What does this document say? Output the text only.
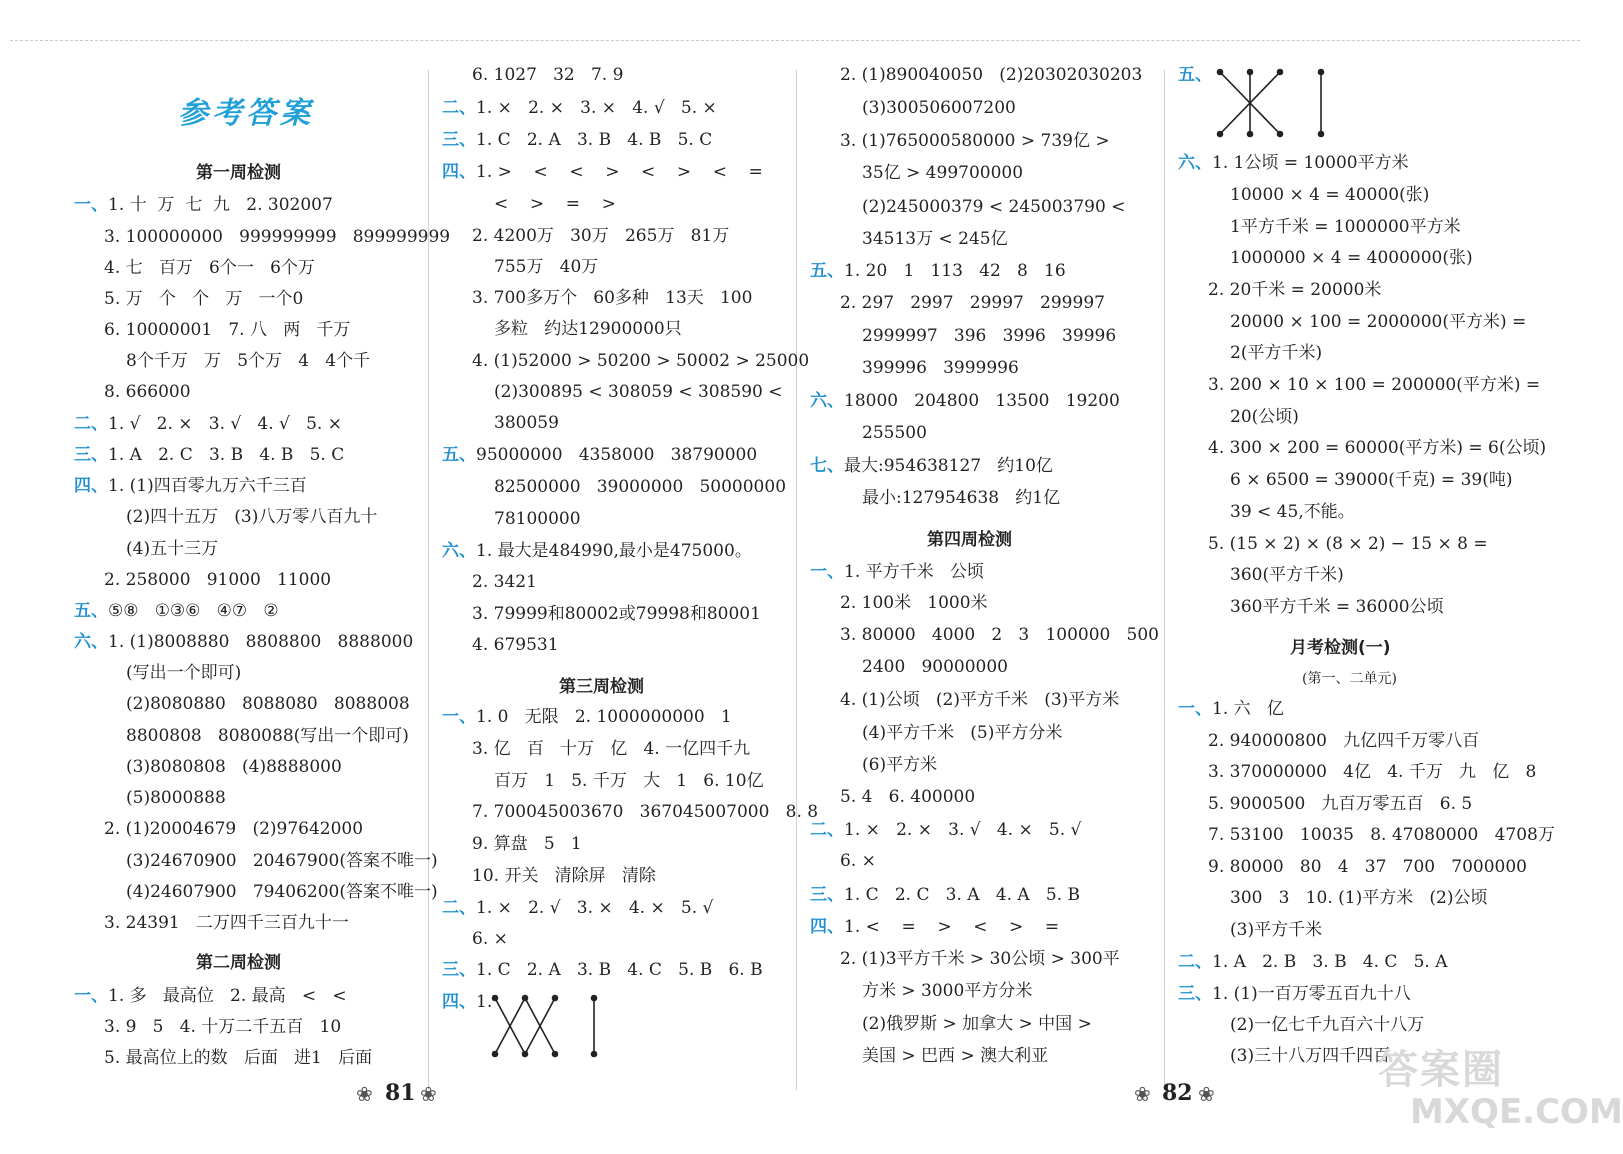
参考答案
第一周检测
一、1. 十  万  七  九   2. 302007
3. 100000000   999999999   899999999
4. 七   百万   6个一   6个万
5. 万   个   个   万   一个0
6. 10000001   7. 八   两   千万
8个千万   万   5个万   4   4个千
8. 666000
二、1. √   2. ×   3. √   4. √   5. ×
三、1. A   2. C   3. B   4. B   5. C
四、1. (1)四百零九万六千三百
(2)四十五万   (3)八万零八百九十
(4)五十三万
2. 258000   91000   11000
五、⑤⑧   ①③⑥   ④⑦   ②
六、1. (1)8008880   8808800   8888000
(写出一个即可)
(2)8080880   8088080   8088008
8800808   8080088(写出一个即可)
(3)8080808   (4)8888000
(5)8000888
2. (1)20004679   (2)97642000
(3)24670900   20467900(答案不唯一)
(4)24607900   79406200(答案不唯一)
3. 24391   二万四千三百九十一
第二周检测
一、1. 多   最高位   2. 最高   <   <
3. 9   5   4. 十万二千五百   10
5. 最高位上的数   后面   进1   后面
6. 1027   32   7. 9
二、1. ×   2. ×   3. ×   4. √   5. ×
三、1. C   2. A   3. B   4. B   5. C
四、1. >    <    <    >    <    >    <    =
<    >    =    >
2. 4200万   30万   265万   81万
755万   40万
3. 700多万个   60多种   13天   100
多粒   约达12900000只
4. (1)52000 > 50200 > 50002 > 25000
(2)300895 < 308059 < 308590 <
380059
五、95000000   4358000   38790000
82500000   39000000   50000000
78100000
六、1. 最大是484990,最小是475000。
2. 3421
3. 79999和80002或79998和80001
4. 679531
第三周检测
一、1. 0   无限   2. 1000000000   1
3. 亿   百   十万   亿   4. 一亿四千九
百万   1   5. 千万   大   1   6. 10亿
7. 700045003670   367045007000   8. 8
9. 算盘   5   1
10. 开关   清除屏   清除
二、1. ×   2. √   3. ×   4. ×   5. √
6. ×
三、1. C   2. A   3. B   4. C   5. B   6. B
四、1.
2. (1)890040050   (2)20302030203
(3)300506007200
3. (1)765000580000 > 739亿 >
35亿 > 499700000
(2)245000379 < 245003790 <
34513万 < 245亿
五、1. 20   1   113   42   8   16
2. 297   2997   29997   299997
2999997   396   3996   39996
399996   3999996
六、18000   204800   13500   19200
255500
七、最大:954638127   约10亿
最小:127954638   约1亿
第四周检测
一、1. 平方千米   公顷
2. 100米   1000米
3. 80000   4000   2   3   100000   500
2400   90000000
4. (1)公顷   (2)平方千米   (3)平方米
(4)平方千米   (5)平方分米
(6)平方米
5. 4   6. 400000
二、1. ×   2. ×   3. √   4. ×   5. √
6. ×
三、1. C   2. C   3. A   4. A   5. B
四、1. <    =    >    <    >    =
2. (1)3平方千米 > 30公顷 > 300平
方米 > 3000平方分米
(2)俄罗斯 > 加拿大 > 中国 >
美国 > 巴西 > 澳大利亚
五、
六、1. 1公顷 = 10000平方米
10000 × 4 = 40000(张)
1平方千米 = 1000000平方米
1000000 × 4 = 4000000(张)
2. 20千米 = 20000米
20000 × 100 = 2000000(平方米) =
2(平方千米)
3. 200 × 10 × 100 = 200000(平方米) =
20(公顷)
4. 300 × 200 = 60000(平方米) = 6(公顷)
6 × 6500 = 39000(千克) = 39(吨)
39 < 45,不能。
5. (15 × 2) × (8 × 2) − 15 × 8 =
360(平方千米)
360平方千米 = 36000公顷
月考检测(一)
(第一、二单元)
一、1. 六   亿
2. 940000800   九亿四千万零八百
3. 370000000   4亿   4. 千万   九   亿   8
5. 9000500   九百万零五百   6. 5
7. 53100   10035   8. 47080000   4708万
9. 80000   80   4   37   700   7000000
300   3   10. (1)平方米   (2)公顷
(3)平方千米
二、1. A   2. B   3. B   4. C   5. A
三、1. (1)一百万零五百九十八
(2)一亿七千九百六十八万
(3)三十八万四千四百
❀ 81 ❀	❀ 82 ❀
答案圈
MXQE.COM
